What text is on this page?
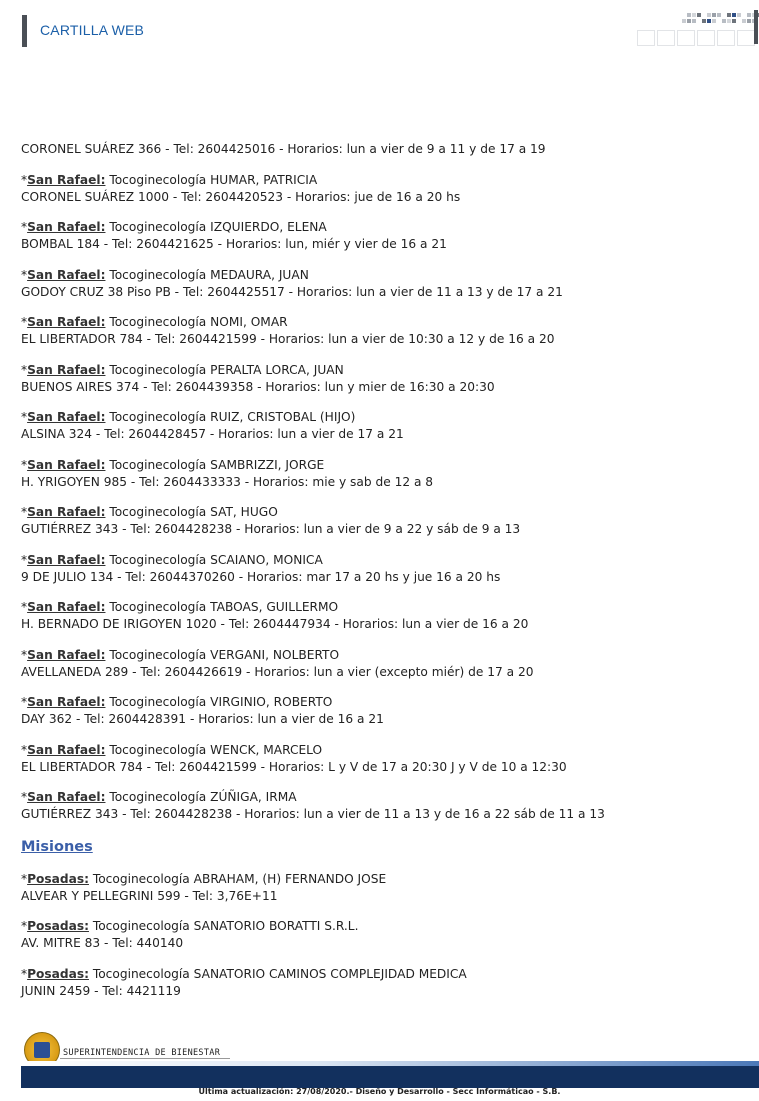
CARTILLA WEB
CORONEL SUÁREZ 366 - Tel: 2604425016 - Horarios: lun a vier de 9 a 11 y de 17 a 19
*San Rafael: Tocoginecología HUMAR, PATRICIA
CORONEL SUÁREZ 1000 - Tel: 2604420523 - Horarios: jue de 16 a 20 hs
*San Rafael: Tocoginecología IZQUIERDO, ELENA
BOMBAL 184 - Tel: 2604421625 - Horarios: lun, miér y vier de 16 a 21
*San Rafael: Tocoginecología MEDAURA, JUAN
GODOY CRUZ 38 Piso PB - Tel: 2604425517 - Horarios: lun a vier de 11 a 13 y de 17 a 21
*San Rafael: Tocoginecología NOMI, OMAR
EL LIBERTADOR 784 - Tel: 2604421599 - Horarios: lun a vier de 10:30 a 12 y de 16 a 20
*San Rafael: Tocoginecología PERALTA LORCA, JUAN
BUENOS AIRES 374 - Tel: 2604439358 - Horarios: lun y mier de 16:30 a 20:30
*San Rafael: Tocoginecología RUIZ, CRISTOBAL (HIJO)
ALSINA 324 - Tel: 2604428457 - Horarios: lun a vier de 17 a 21
*San Rafael: Tocoginecología SAMBRIZZI, JORGE
H. YRIGOYEN 985 - Tel: 2604433333 - Horarios: mie y sab de 12 a 8
*San Rafael: Tocoginecología SAT, HUGO
GUTIÉRREZ 343 - Tel: 2604428238 - Horarios: lun a vier de 9 a 22 y sáb de 9 a 13
*San Rafael: Tocoginecología SCAIANO, MONICA
9 DE JULIO 134 - Tel: 26044370260 - Horarios: mar 17 a 20 hs y jue 16 a 20 hs
*San Rafael: Tocoginecología TABOAS, GUILLERMO
H. BERNADO DE IRIGOYEN 1020 - Tel: 2604447934 - Horarios: lun a vier de 16 a 20
*San Rafael: Tocoginecología VERGANI, NOLBERTO
AVELLANEDA 289 - Tel: 2604426619 - Horarios: lun a vier (excepto miér) de 17 a 20
*San Rafael: Tocoginecología VIRGINIO, ROBERTO
DAY 362 - Tel: 2604428391 - Horarios: lun a vier de 16 a 21
*San Rafael: Tocoginecología WENCK, MARCELO
EL LIBERTADOR 784 - Tel: 2604421599 - Horarios: L y V de 17 a 20:30 J y V de 10 a 12:30
*San Rafael: Tocoginecología ZÚÑIGA, IRMA
GUTIÉRREZ 343 - Tel: 2604428238 - Horarios: lun a vier de 11 a 13 y de 16 a 22 sáb de 11 a 13
Misiones
*Posadas: Tocoginecología ABRAHAM, (H) FERNANDO JOSE
ALVEAR Y PELLEGRINI 599 - Tel: 3,76E+11
*Posadas: Tocoginecología SANATORIO BORATTI S.R.L.
AV. MITRE 83 - Tel: 440140
*Posadas: Tocoginecología SANATORIO CAMINOS COMPLEJIDAD MEDICA
JUNIN 2459 - Tel: 4421119
SUPERINTENDENCIA DE BIENESTAR
Ultima actualización: 27/08/2020.- Diseño y Desarrollo - Secc Informáticao - S.B.
